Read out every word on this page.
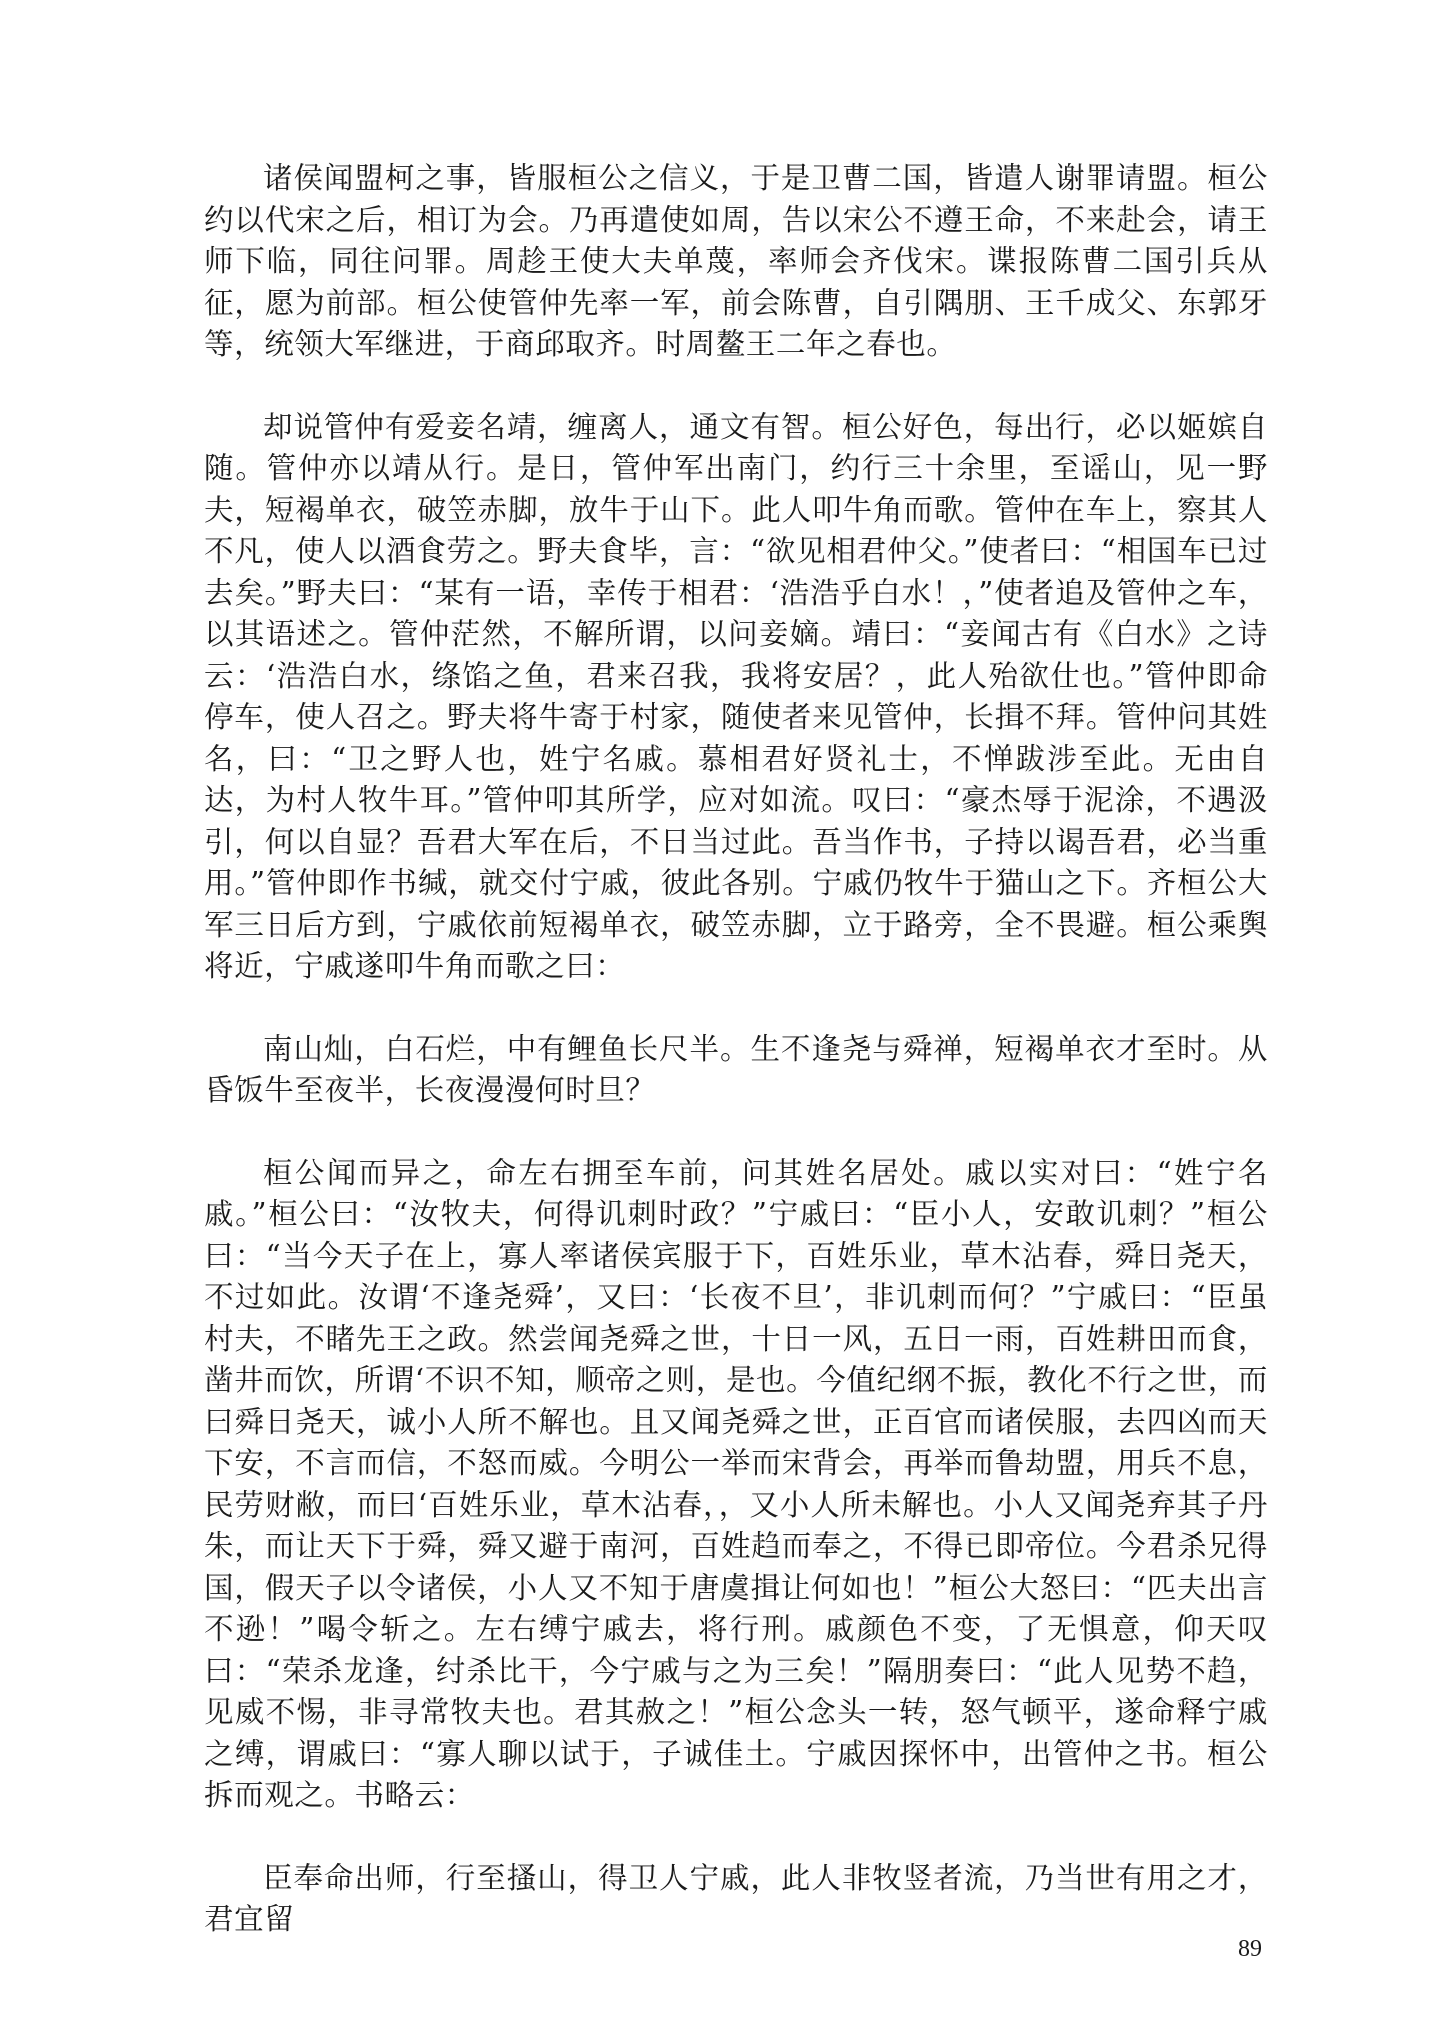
诸侯闻盟柯之事，皆服桓公之信义，于是卫曹二国，皆遣人谢罪请盟。桓公约以代宋之后，相订为会。乃再遣使如周，告以宋公不遵王命，不来赴会，请王师下临，同往问罪。周趁王使大夫单蔑，率师会齐伐宋。谍报陈曹二国引兵从征，愿为前部。桓公使管仲先率一军，前会陈曹，自引隅朋、王千成父、东郭牙等，统领大军继进，于商邱取齐。时周鳌王二年之春也。

却说管仲有爱妾名靖，缠离人，通文有智。桓公好色，每出行，必以姬嫔自随。管仲亦以靖从行。是日，管仲军出南门，约行三十余里，至谣山，见一野夫，短褐单衣，破笠赤脚，放牛于山下。此人叩牛角而歌。管仲在车上，察其人不凡，使人以酒食劳之。野夫食毕，言：“欲见相君仲父。”使者曰：“相国车已过去矣。”野夫曰：“某有一语，幸传于相君：‘浩浩乎白水！，”使者追及管仲之车，以其语述之。管仲茫然，不解所谓，以问妾嫡。靖曰：“妾闻古有《白水》之诗云：‘浩浩白水，绦馅之鱼，君来召我，我将安居？，此人殆欲仕也。”管仲即命停车，使人召之。野夫将牛寄于村家，随使者来见管仲，长揖不拜。管仲问其姓名，曰：“卫之野人也，姓宁名戚。慕相君好贤礼士，不惮跋涉至此。无由自达，为村人牧牛耳。”管仲叩其所学，应对如流。叹曰：“豪杰辱于泥涂，不遇汲引，何以自显？吾君大军在后，不日当过此。吾当作书，子持以谒吾君，必当重用。”管仲即作书缄，就交付宁戚，彼此各别。宁戚仍牧牛于猫山之下。齐桓公大军三日后方到，宁戚依前短褐单衣，破笠赤脚，立于路旁，全不畏避。桓公乘舆将近，宁戚遂叩牛角而歌之曰：

南山灿，白石烂，中有鲤鱼长尺半。生不逢尧与舜禅，短褐单衣才至时。从昏饭牛至夜半，长夜漫漫何时旦？

桓公闻而异之，命左右拥至车前，问其姓名居处。戚以实对曰：“姓宁名戚。”桓公曰：“汝牧夫，何得讥刺时政？”宁戚曰：“臣小人，安敢讥刺？”桓公曰：“当今天子在上，寡人率诸侯宾服于下，百姓乐业，草木沾春，舜日尧天，不过如此。汝谓‘不逢尧舜’，又曰：‘长夜不旦’，非讥刺而何？”宁戚曰：“臣虽村夫，不睹先王之政。然尝闻尧舜之世，十日一风，五日一雨，百姓耕田而食，凿井而饮，所谓‘不识不知，顺帝之则，是也。今值纪纲不振，教化不行之世，而曰舜日尧天，诚小人所不解也。且又闻尧舜之世，正百官而诸侯服，去四凶而天下安，不言而信，不怒而威。今明公一举而宋背会，再举而鲁劫盟，用兵不息，民劳财敝，而曰‘百姓乐业，草木沾春，，又小人所未解也。小人又闻尧弃其子丹朱，而让天下于舜，舜又避于南河，百姓趋而奉之，不得已即帝位。今君杀兄得国，假天子以令诸侯，小人又不知于唐虞揖让何如也！”桓公大怒曰：“匹夫出言不逊！”喝令斩之。左右缚宁戚去，将行刑。戚颜色不变，了无惧意，仰天叹曰：“荣杀龙逢，纣杀比干，今宁戚与之为三矣！”隔朋奏曰：“此人见势不趋，见威不惕，非寻常牧夫也。君其赦之！”桓公念头一转，怒气顿平，遂命释宁戚之缚，谓戚曰：“寡人聊以试于，子诚佳土。宁戚因探怀中，出管仲之书。桓公拆而观之。书略云：

臣奉命出师，行至搔山，得卫人宁戚，此人非牧竖者流，乃当世有用之才，君宜留

89
